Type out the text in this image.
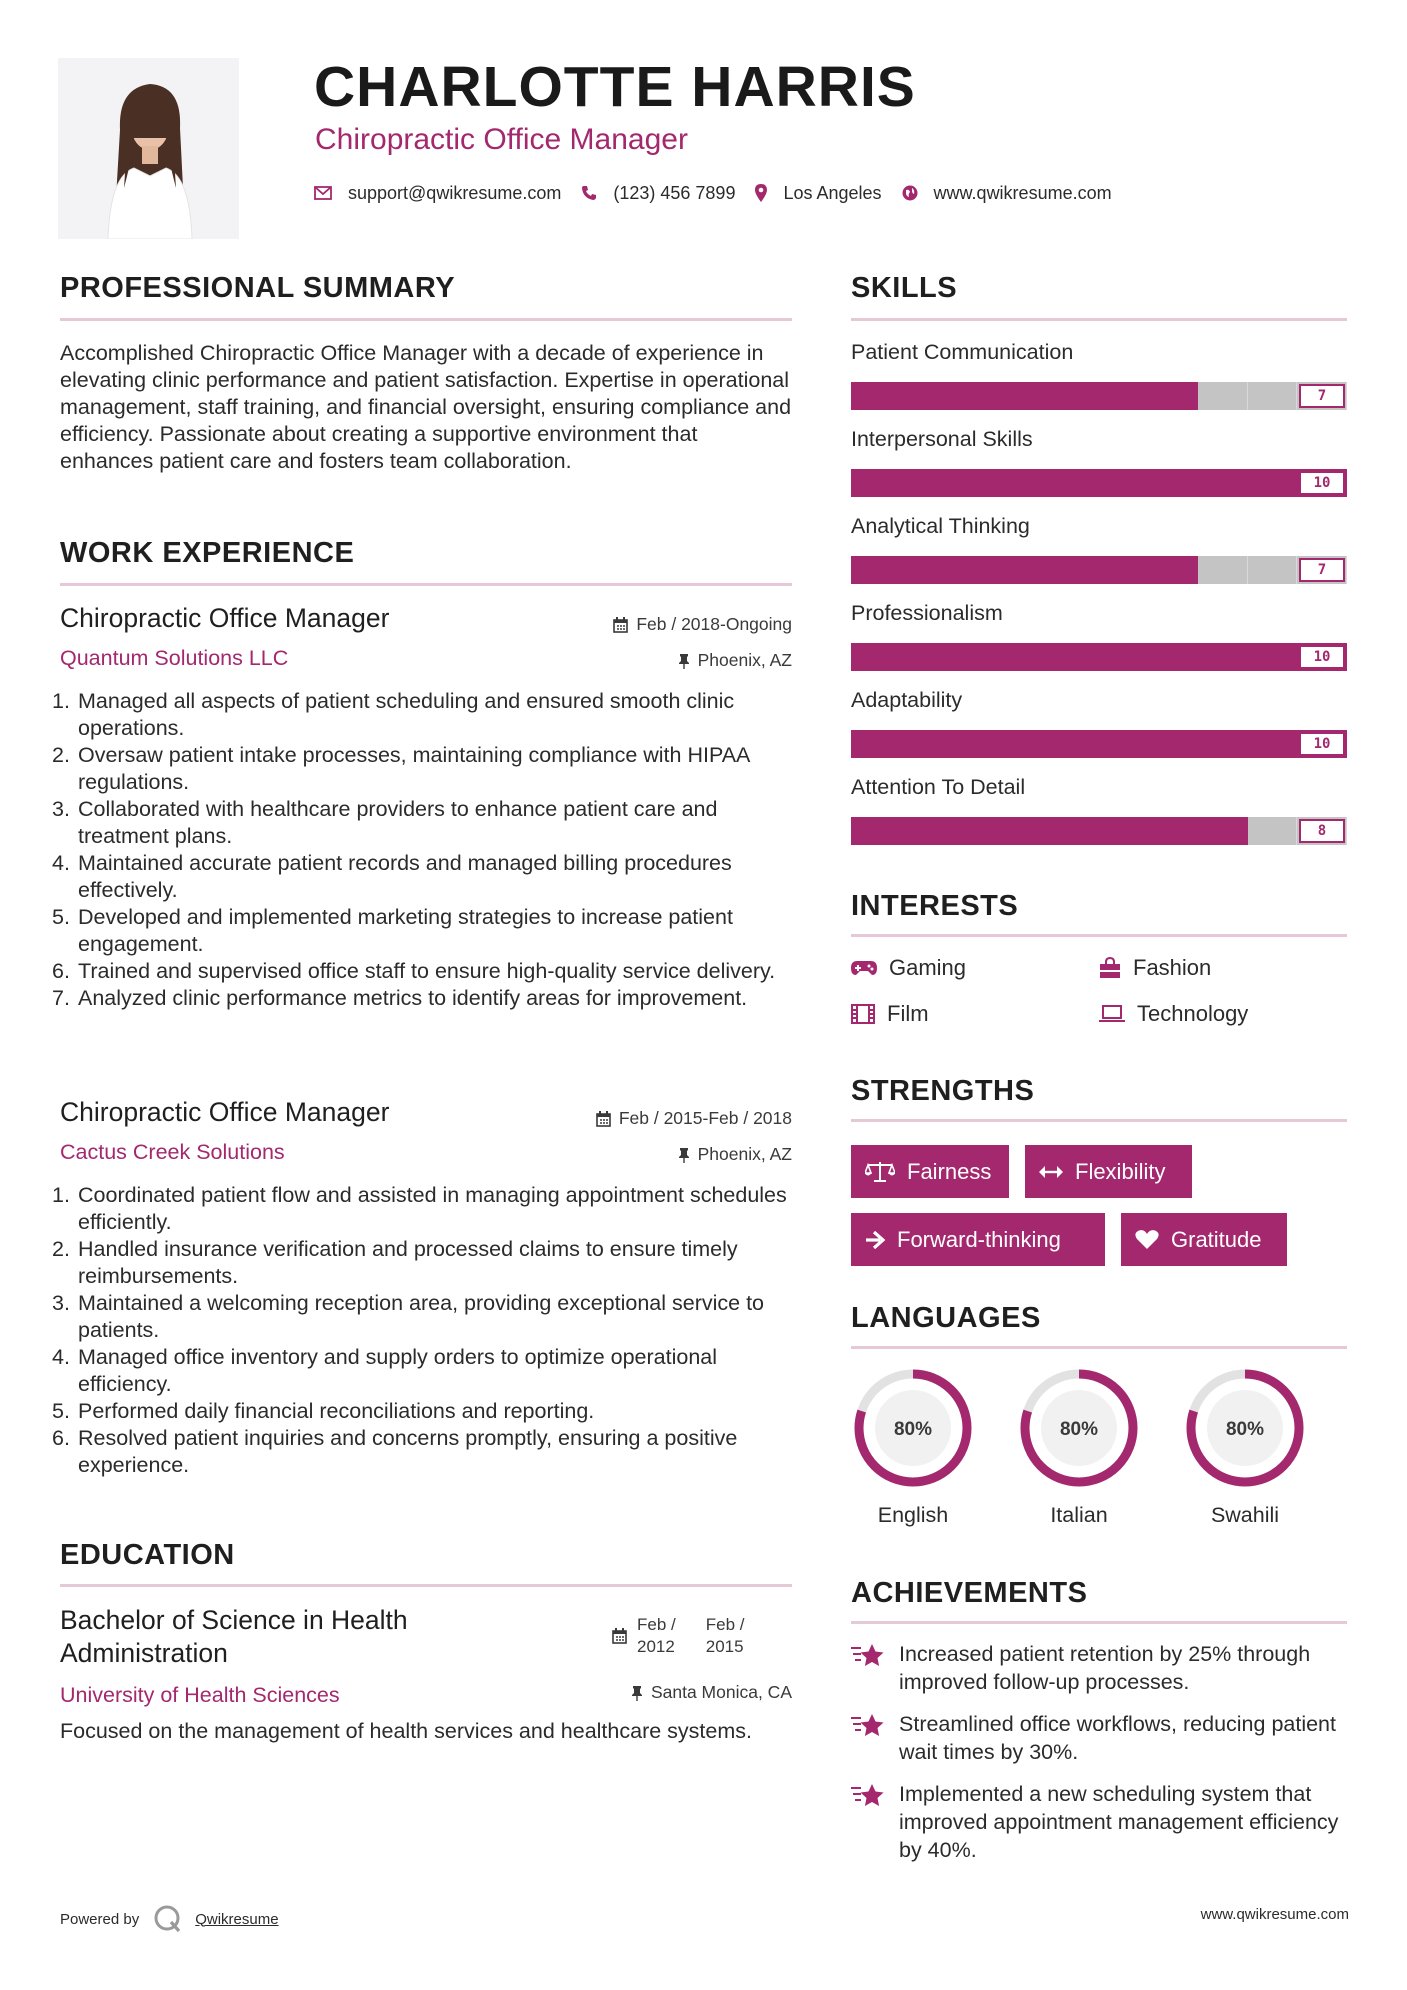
CHARLOTTE HARRIS
Chiropractic Office Manager
support@qwikresume.com	(123) 456 7899	Los Angeles	www.qwikresume.com
PROFESSIONAL SUMMARY
Accomplished Chiropractic Office Manager with a decade of experience in elevating clinic performance and patient satisfaction. Expertise in operational management, staff training, and financial oversight, ensuring compliance and efficiency. Passionate about creating a supportive environment that enhances patient care and fosters team collaboration.
WORK EXPERIENCE
Chiropractic Office Manager	Feb / 2018-Ongoing
Quantum Solutions LLC	Phoenix, AZ
1. Managed all aspects of patient scheduling and ensured smooth clinic operations.
2. Oversaw patient intake processes, maintaining compliance with HIPAA regulations.
3. Collaborated with healthcare providers to enhance patient care and treatment plans.
4. Maintained accurate patient records and managed billing procedures effectively.
5. Developed and implemented marketing strategies to increase patient engagement.
6. Trained and supervised office staff to ensure high-quality service delivery.
7. Analyzed clinic performance metrics to identify areas for improvement.
Chiropractic Office Manager	Feb / 2015-Feb / 2018
Cactus Creek Solutions	Phoenix, AZ
1. Coordinated patient flow and assisted in managing appointment schedules efficiently.
2. Handled insurance verification and processed claims to ensure timely reimbursements.
3. Maintained a welcoming reception area, providing exceptional service to patients.
4. Managed office inventory and supply orders to optimize operational efficiency.
5. Performed daily financial reconciliations and reporting.
6. Resolved patient inquiries and concerns promptly, ensuring a positive experience.
EDUCATION
Bachelor of Science in Health Administration
Feb /
2012
Feb /
2015
University of Health Sciences	Santa Monica, CA
Focused on the management of health services and healthcare systems.
SKILLS
Patient Communication
7
Interpersonal Skills
10
Analytical Thinking
7
Professionalism
10
Adaptability
10
Attention To Detail
8
INTERESTS
Gaming	Fashion
Film	Technology
STRENGTHS
Fairness	Flexibility
Forward-thinking	Gratitude
LANGUAGES
80%
English
80%
Italian
80%
Swahili
ACHIEVEMENTS
Increased patient retention by 25% through improved follow-up processes.
Streamlined office workflows, reducing patient wait times by 30%.
Implemented a new scheduling system that improved appointment management efficiency by 40%.
Powered by	Qwikresume	www.qwikresume.com
